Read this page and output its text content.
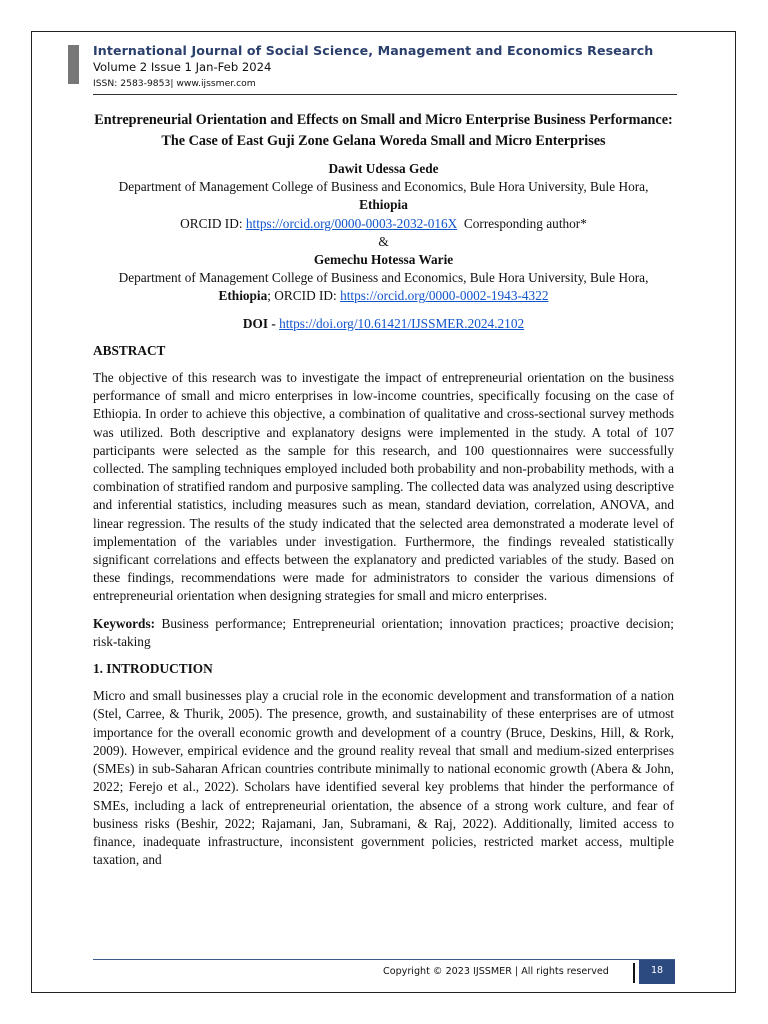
International Journal of Social Science, Management and Economics Research
Volume 2 Issue 1 Jan-Feb 2024
ISSN: 2583-9853| www.ijssmer.com

Entrepreneurial Orientation and Effects on Small and Micro Enterprise Business Performance: The Case of East Guji Zone Gelana Woreda Small and Micro Enterprises

Dawit Udessa Gede

Department of Management College of Business and Economics, Bule Hora University, Bule Hora, Ethiopia

ORCID ID: https://orcid.org/0000-0003-2032-016X Corresponding author*

&

Gemechu Hotessa Warie

Department of Management College of Business and Economics, Bule Hora University, Bule Hora, Ethiopia; ORCID ID: https://orcid.org/0000-0002-1943-4322

DOI - https://doi.org/10.61421/IJSSMER.2024.2102

ABSTRACT

The objective of this research was to investigate the impact of entrepreneurial orientation on the business performance of small and micro enterprises in low-income countries, specifically focusing on the case of Ethiopia. In order to achieve this objective, a combination of qualitative and cross-sectional survey methods was utilized. Both descriptive and explanatory designs were implemented in the study. A total of 107 participants were selected as the sample for this research, and 100 questionnaires were successfully collected. The sampling techniques employed included both probability and non-probability methods, with a combination of stratified random and purposive sampling. The collected data was analyzed using descriptive and inferential statistics, including measures such as mean, standard deviation, correlation, ANOVA, and linear regression. The results of the study indicated that the selected area demonstrated a moderate level of implementation of the variables under investigation. Furthermore, the findings revealed statistically significant correlations and effects between the explanatory and predicted variables of the study. Based on these findings, recommendations were made for administrators to consider the various dimensions of entrepreneurial orientation when designing strategies for small and micro enterprises.

Keywords: Business performance; Entrepreneurial orientation; innovation practices; proactive decision; risk-taking

1. INTRODUCTION

Micro and small businesses play a crucial role in the economic development and transformation of a nation (Stel, Carree, & Thurik, 2005). The presence, growth, and sustainability of these enterprises are of utmost importance for the overall economic growth and development of a country (Bruce, Deskins, Hill, & Rork, 2009). However, empirical evidence and the ground reality reveal that small and medium-sized enterprises (SMEs) in sub-Saharan African countries contribute minimally to national economic growth (Abera & John, 2022; Ferejo et al., 2022). Scholars have identified several key problems that hinder the performance of SMEs, including a lack of entrepreneurial orientation, the absence of a strong work culture, and fear of business risks (Beshir, 2022; Rajamani, Jan, Subramani, & Raj, 2022). Additionally, limited access to finance, inadequate infrastructure, inconsistent government policies, restricted market access, multiple taxation, and

Copyright © 2023 IJSSMER | All rights reserved	18
